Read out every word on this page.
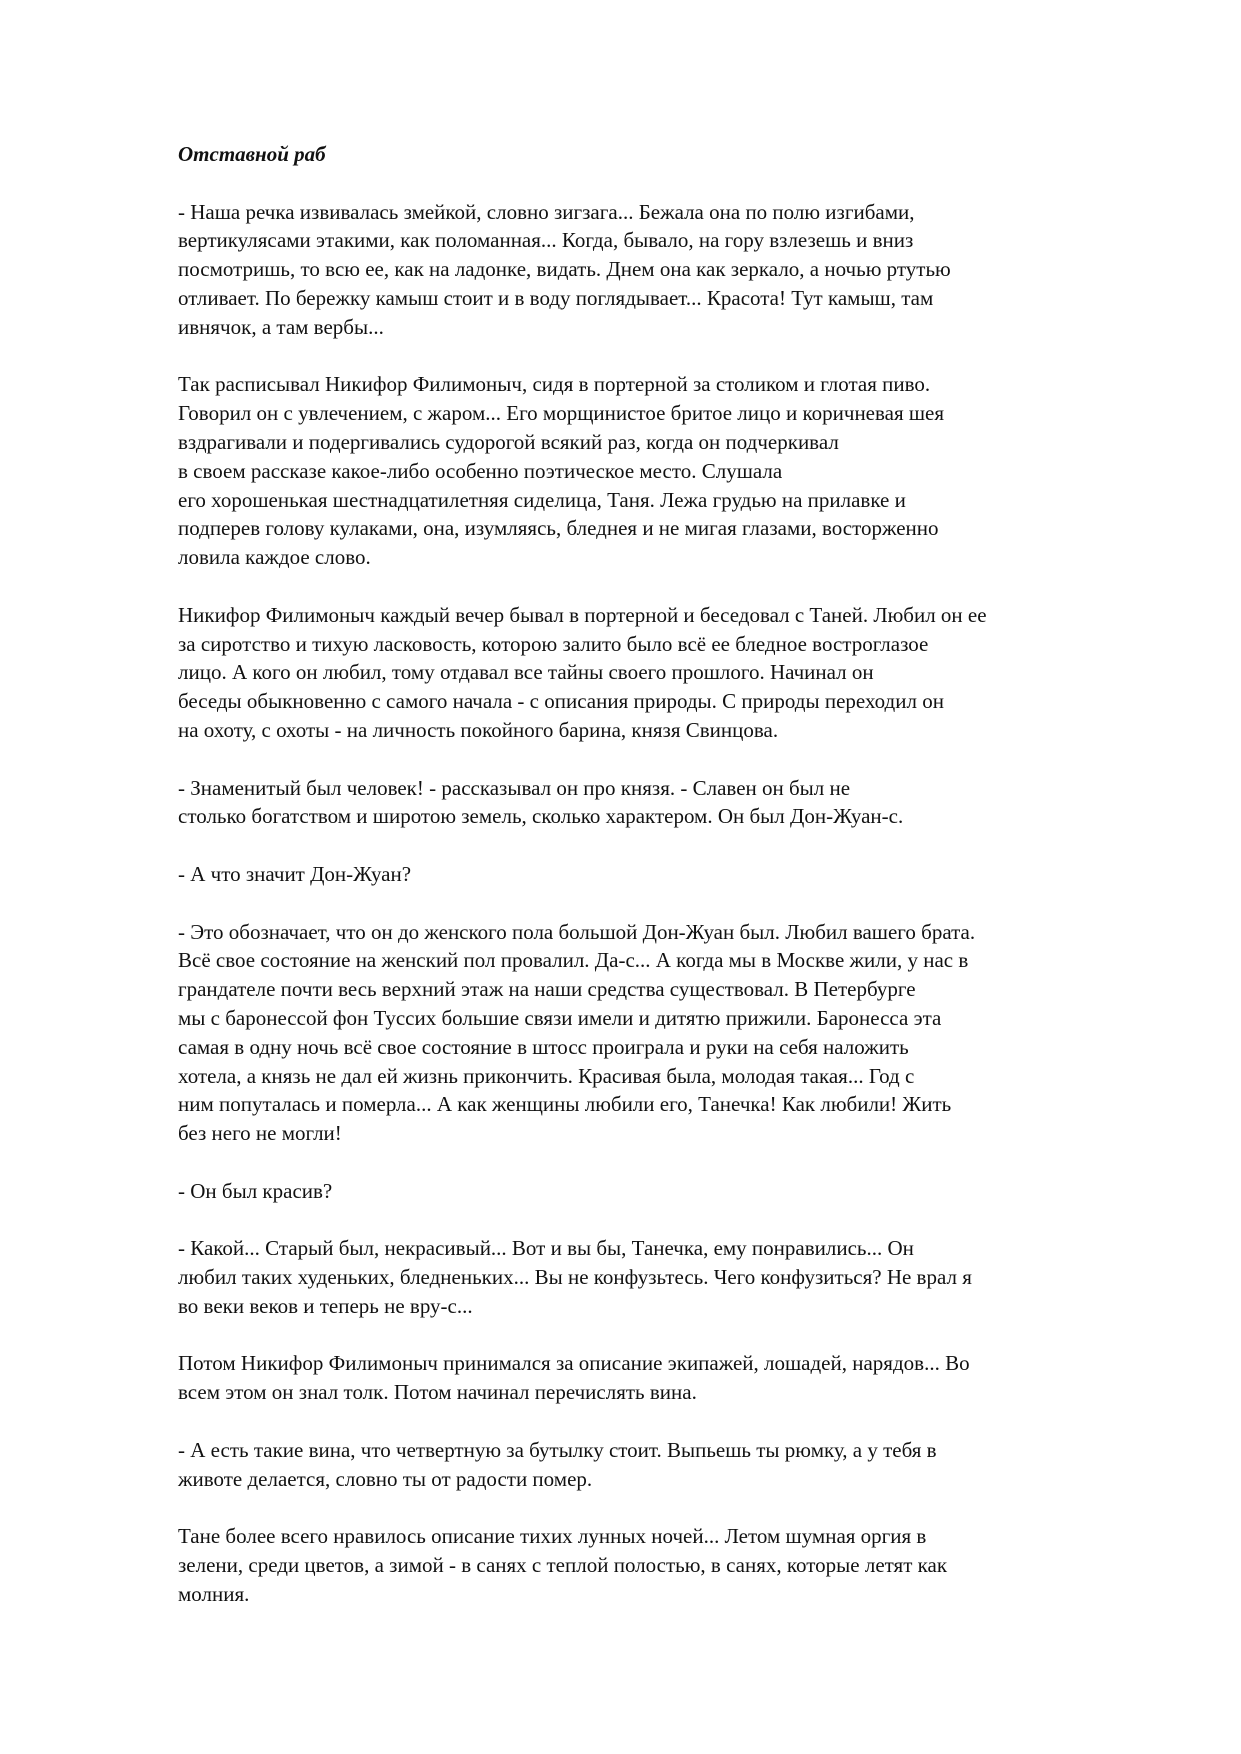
Отставной раб
- Наша речка извивалась змейкой, словно зигзага... Бежала она по полю изгибами,
вертикулясами этакими, как поломанная... Когда, бывало, на гору взлезешь и вниз
посмотришь, то всю ее, как на ладонке, видать. Днем она как зеркало, а ночью ртутью
отливает. По бережку камыш стоит и в воду поглядывает... Красота! Тут камыш, там
ивнячок, а там вербы...
Так расписывал Никифор Филимоныч, сидя в портерной за столиком и глотая пиво.
Говорил он с увлечением, с жаром... Его морщинистое бритое лицо и коричневая шея
вздрагивали и подергивались судорогой всякий раз, когда он подчеркивал
в своем рассказе какое-либо особенно поэтическое место. Слушала
его хорошенькая шестнадцатилетняя сиделица, Таня. Лежа грудью на прилавке и
подперев голову кулаками, она, изумляясь, бледнея и не мигая глазами, восторженно
ловила каждое слово.
Никифор Филимоныч каждый вечер бывал в портерной и беседовал с Таней. Любил он ее
за сиротство и тихую ласковость, которою залито было всё ее бледное востроглазое
лицо. А кого он любил, тому отдавал все тайны своего прошлого. Начинал он
беседы обыкновенно с самого начала - с описания природы. С природы переходил он
на охоту, с охоты - на личность покойного барина, князя Свинцова.
- Знаменитый был человек! - рассказывал он про князя. - Славен он был не
столько богатством и широтою земель, сколько характером. Он был Дон-Жуан-с.
- А что значит Дон-Жуан?
- Это обозначает, что он до женского пола большой Дон-Жуан был. Любил вашего брата.
Всё свое состояние на женский пол провалил. Да-с... А когда мы в Москве жили, у нас в
грандателе почти весь верхний этаж на наши средства существовал. В Петербурге
мы с баронессой фон Туссих большие связи имели и дитятю прижили. Баронесса эта
самая в одну ночь всё свое состояние в штосс проиграла и руки на себя наложить
хотела, а князь не дал ей жизнь прикончить. Красивая была, молодая такая... Год с
ним попуталась и померла... А как женщины любили его, Танечка! Как любили! Жить
без него не могли!
- Он был красив?
- Какой... Старый был, некрасивый... Вот и вы бы, Танечка, ему понравились... Он
любил таких худеньких, бледненьких... Вы не конфузьтесь. Чего конфузиться? Не врал я
во веки веков и теперь не вру-с...
Потом Никифор Филимоныч принимался за описание экипажей, лошадей, нарядов... Во
всем этом он знал толк. Потом начинал перечислять вина.
- А есть такие вина, что четвертную за бутылку стоит. Выпьешь ты рюмку, а у тебя в
животе делается, словно ты от радости помер.
Тане более всего нравилось описание тихих лунных ночей... Летом шумная оргия в
зелени, среди цветов, а зимой - в санях с теплой полостью, в санях, которые летят как
молния.
